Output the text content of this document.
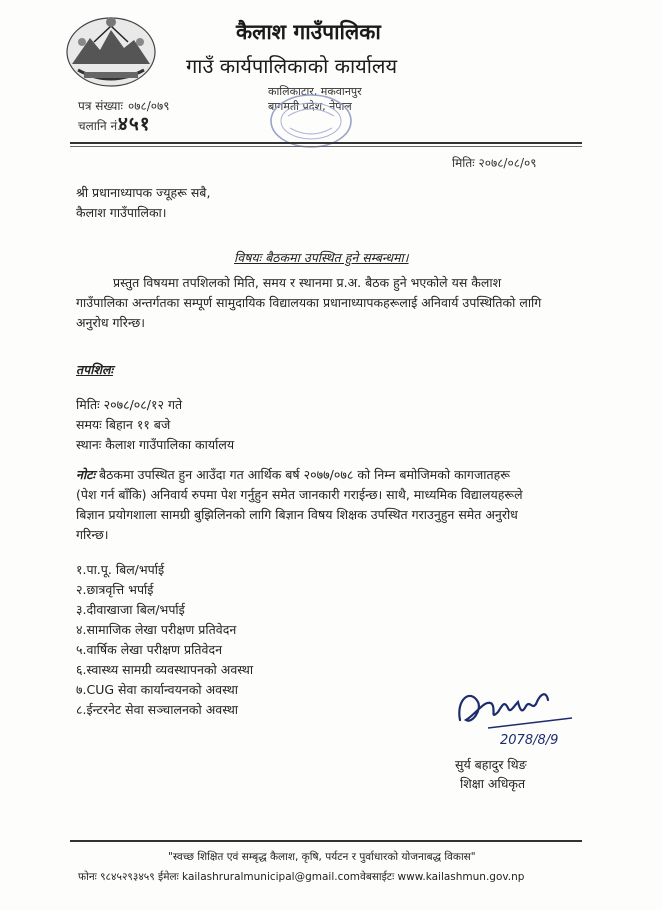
कैलाश गाउँपालिका
गाउँ कार्यपालिकाको कार्यालय
कालिकाटार, मकवानपुर
बागमती प्रदेश, नेपाल
पत्र संख्याः ०७८/०७९
चलानि नं.
४५१
मितिः २०७८/०८/०९
श्री प्रधानाध्यापक ज्यूहरू सबै,
कैलाश गाउँपालिका।
विषयः बैठकमा उपस्थित हुने सम्बन्धमा।
प्रस्तुत विषयमा तपशिलको मिति, समय र स्थानमा प्र.अ. बैठक हुने भएकोले यस कैलाश
गाउँपालिका अन्तर्गतका सम्पूर्ण सामुदायिक विद्यालयका प्रधानाध्यापकहरूलाई अनिवार्य उपस्थितिको लागि
अनुरोध गरिन्छ।
तपशिलः
मितिः २०७८/०८/१२ गते
समयः बिहान ११ बजे
स्थानः कैलाश गाउँपालिका कार्यालय
नोटः बैठकमा उपस्थित हुन आउँदा गत आर्थिक बर्ष २०७७/०७८ को निम्न बमोजिमको कागजातहरू
(पेश गर्न बाँकि) अनिवार्य रुपमा पेश गर्नुहुन समेत जानकारी गराईन्छ। साथै, माध्यमिक विद्यालयहरूले
बिज्ञान प्रयोगशाला सामग्री बुझिलिनको लागि बिज्ञान विषय शिक्षक उपस्थित गराउनुहुन समेत अनुरोध
गरिन्छ।
१.पा.पू. बिल/भर्पाई
२.छात्रवृत्ति भर्पाई
३.दीवाखाजा बिल/भर्पाई
४.सामाजिक लेखा परीक्षण प्रतिवेदन
५.वार्षिक लेखा परीक्षण प्रतिवेदन
६.स्वास्थ्य सामग्री व्यवस्थापनको अवस्था
७.CUG सेवा कार्यान्वयनको अवस्था
८.ईन्टरनेट सेवा सञ्चालनको अवस्था
2078/8/9
सुर्य बहादुर थिङ
शिक्षा अधिकृत
"स्वच्छ शिक्षित एवं सम्बृद्ध कैलाश, कृषि, पर्यटन र पुर्वाधारको योजनाबद्ध विकास"
फोनः ९८४५२९३४५९ ईमेलः kailashruralmunicipal@gmail.comवेबसाईटः www.kailashmun.gov.np
